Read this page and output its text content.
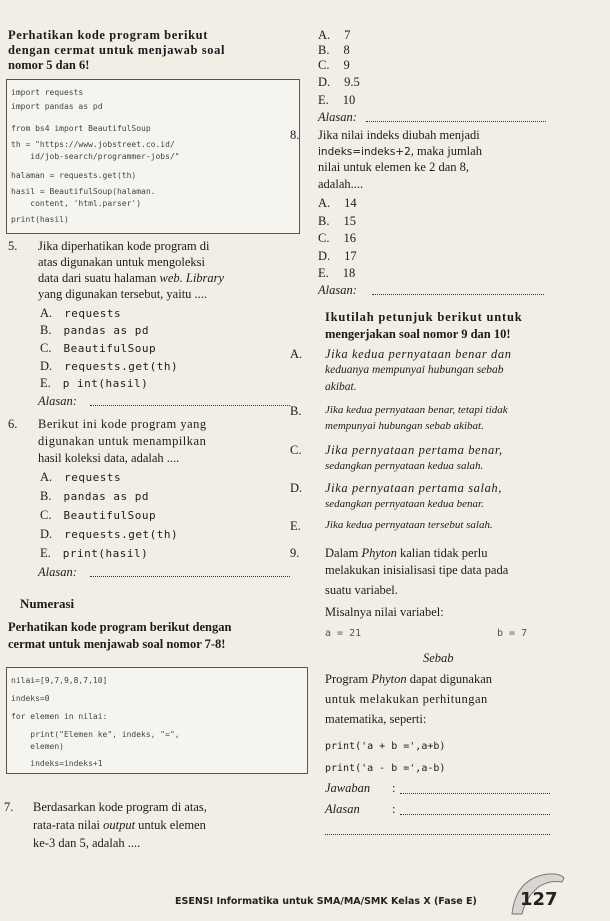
Perhatikan kode program berikut
dengan cermat untuk menjawab soal
nomor 5 dan 6!
import requests
import pandas as pd
from bs4 import BeautifulSoup
th = "https://www.jobstreet.co.id/
id/job-search/programmer-jobs/"
halaman = requests.get(th)
hasil = BeautifulSoup(halaman.
content, 'html.parser')
print(hasil)
5. Jika diperhatikan kode program di
atas digunakan untuk mengoleksi
data dari suatu halaman web. Library
yang digunakan tersebut, yaitu ....
A. requests
B. pandas as pd
C. BeautifulSoup
D. requests.get(th)
E. p int(hasil)
Alasan:
6. Berikut ini kode program yang
digunakan untuk menampilkan
hasil koleksi data, adalah ....
A. requests
B. pandas as pd
C. BeautifulSoup
D. requests.get(th)
E. print(hasil)
Alasan:
Numerasi
Perhatikan kode program berikut dengan
cermat untuk menjawab soal nomor 7-8!
nilai=[9,7,9,8,7,10]
indeks=0
for elemen in nilai:
print("Elemen ke", indeks, "=",
elemen)
indeks=indeks+1
7. Berdasarkan kode program di atas,
rata-rata nilai output untuk elemen
ke-3 dan 5, adalah ....
A. 7
B. 8
C. 9
D. 9.5
E. 10
Alasan:
8. Jika nilai indeks diubah menjadi
indeks=indeks+2, maka jumlah
nilai untuk elemen ke 2 dan 8,
adalah....
A. 14
B. 15
C. 16
D. 17
E. 18
Alasan:
Ikutilah petunjuk berikut untuk
mengerjakan soal nomor 9 dan 10!
A. Jika kedua pernyataan benar dan
keduanya mempunyai hubungan sebab
akibat.
B. Jika kedua pernyataan benar, tetapi tidak
mempunyai hubungan sebab akibat.
C. Jika pernyataan pertama benar,
sedangkan pernyataan kedua salah.
D. Jika pernyataan pertama salah,
sedangkan pernyataan kedua benar.
E. Jika kedua pernyataan tersebut salah.
9. Dalam Phyton kalian tidak perlu
melakukan inisialisasi tipe data pada
suatu variabel.
Misalnya nilai variabel:
a = 21	b = 7
Sebab
Program Phyton dapat digunakan
untuk melakukan perhitungan
matematika, seperti:
print('a + b =',a+b)
print('a - b =',a-b)
Jawaban :
Alasan	:
ESENSI Informatika untuk SMA/MA/SMK Kelas X (Fase E) 127
